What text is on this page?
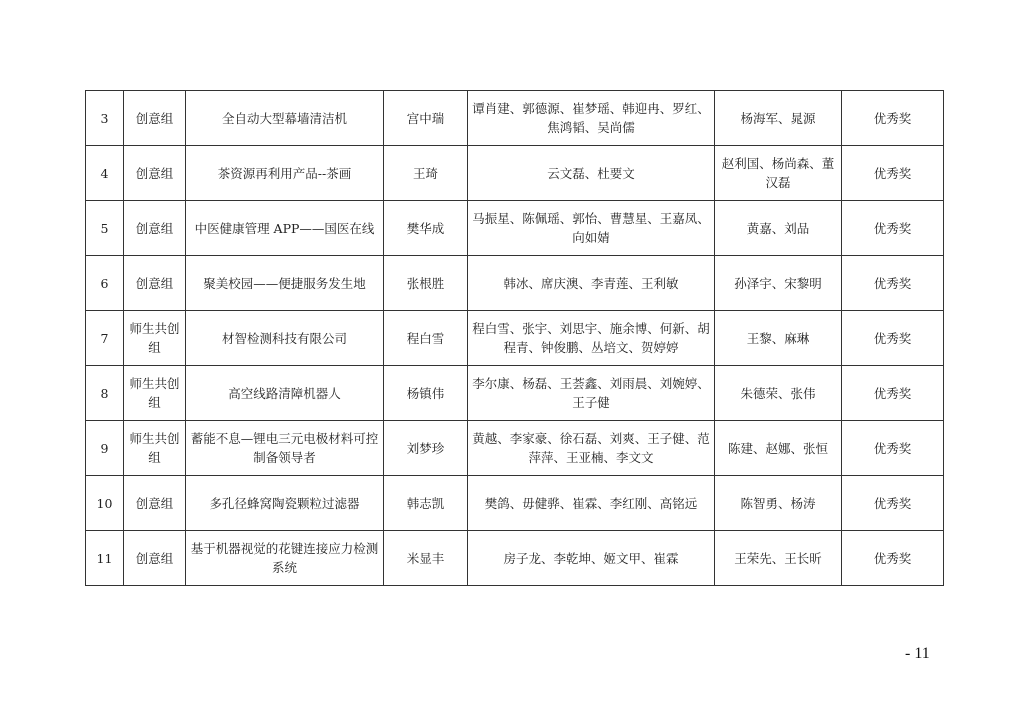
3	创意组	全自动大型幕墙清洁机	宫中瑞	谭肖建、郭德源、崔梦瑶、韩迎冉、罗红、焦鸿韬、吴尚儒	杨海军、晁源	优秀奖
4	创意组	茶资源再利用产品--茶画	王琦	云文磊、杜要文	赵利国、杨尚森、董汉磊	优秀奖
5	创意组	中医健康管理 APP——国医在线	樊华成	马振星、陈佩瑶、郭怡、曹慧星、王嘉凤、向如婧	黄嘉、刘品	优秀奖
6	创意组	聚美校园——便捷服务发生地	张根胜	韩冰、席庆澳、李青莲、王利敏	孙泽宇、宋黎明	优秀奖
7	师生共创组	材智检测科技有限公司	程白雪	程白雪、张宇、刘思宇、施余博、何新、胡程青、钟俊鹏、丛培文、贺婷婷	王黎、麻琳	优秀奖
8	师生共创组	高空线路清障机器人	杨镇伟	李尔康、杨磊、王荟鑫、刘雨晨、刘婉婷、王子健	朱德荣、张伟	优秀奖
9	师生共创组	蓄能不息—锂电三元电极材料可控制备领导者	刘梦珍	黄越、李家豪、徐石磊、刘爽、王子健、范萍萍、王亚楠、李文文	陈建、赵娜、张恒	优秀奖
10	创意组	多孔径蜂窝陶瓷颗粒过滤器	韩志凯	樊鸽、毋健骅、崔霖、李红刚、高铭远	陈智勇、杨涛	优秀奖
11	创意组	基于机器视觉的花键连接应力检测系统	米显丰	房子龙、李乾坤、姬文甲、崔霖	王荣先、王长昕	优秀奖
- 11
